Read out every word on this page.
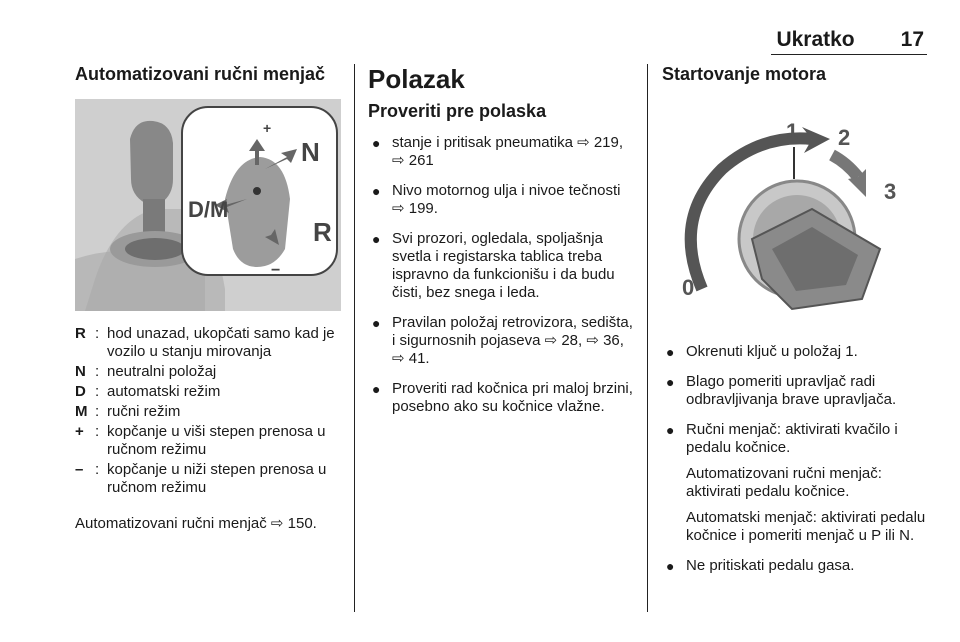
Ukratko 17
Automatizovani ručni menjač
D/M
N
R
+
−
R : hod unazad, ukopčati samo kad je vozilo u stanju mirovanja
N : neutralni položaj
D : automatski režim
M : ručni režim
+ : kopčanje u viši stepen prenosa u ručnom režimu
– : kopčanje u niži stepen prenosa u ručnom režimu
Automatizovani ručni menjač ⇨ 150.
Polazak
Proveriti pre polaska
● stanje i pritisak pneumatika ⇨ 219, ⇨ 261
● Nivo motornog ulja i nivoe tečnosti ⇨ 199.
● Svi prozori, ogledala, spoljašnja svetla i registarska tablica treba ispravno da funkcionišu i da budu čisti, bez snega i leda.
● Pravilan položaj retrovizora, sedišta, i sigurnosnih pojaseva ⇨ 28, ⇨ 36, ⇨ 41.
● Proveriti rad kočnica pri maloj brzini, posebno ako su kočnice vlažne.
Startovanje motora
0
1 2
3
● Okrenuti ključ u položaj 1.
● Blago pomeriti upravljač radi odbravljivanja brave upravljača.
● Ručni menjač: aktivirati kvačilo i pedalu kočnice.
Automatizovani ručni menjač: aktivirati pedalu kočnice.
Automatski menjač: aktivirati pedalu kočnice i pomeriti menjač u P ili N.
● Ne pritiskati pedalu gasa.
